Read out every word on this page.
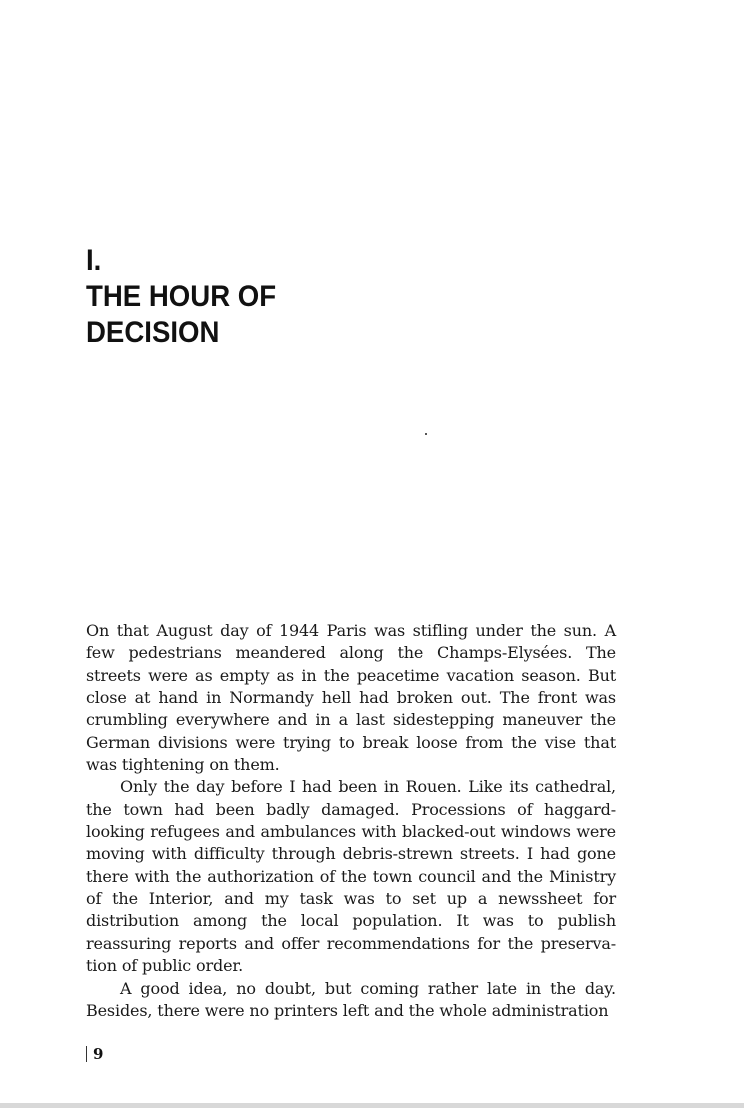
I.
THE HOUR OF
DECISION

On that August day of 1944 Paris was stifling under the sun. A few pedestrians meandered along the Champs-Elysées. The streets were as empty as in the peacetime vacation season. But close at hand in Normandy hell had broken out. The front was crumbling everywhere and in a last sidestepping maneuver the German divisions were trying to break loose from the vise that was tightening on them.

Only the day before I had been in Rouen. Like its cathedral, the town had been badly damaged. Processions of haggard-looking refugees and ambulances with blacked-out windows were moving with difficulty through debris-strewn streets. I had gone there with the authorization of the town council and the Ministry of the Interior, and my task was to set up a newssheet for distribution among the local population. It was to publish reassuring reports and offer recommendations for the preserva-tion of public order.

A good idea, no doubt, but coming rather late in the day. Besides, there were no printers left and the whole administration

9
